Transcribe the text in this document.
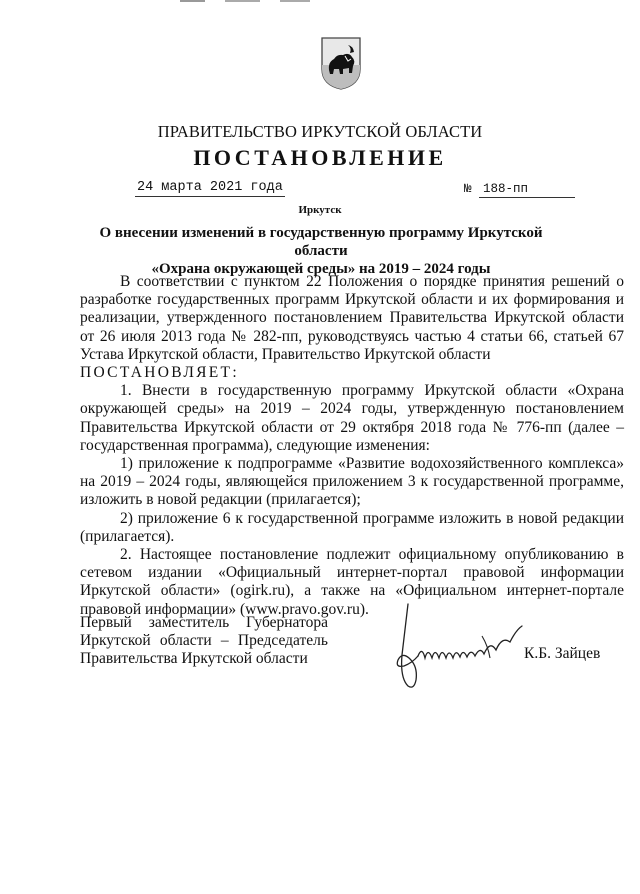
ПРАВИТЕЛЬСТВО ИРКУТСКОЙ ОБЛАСТИ
ПОСТАНОВЛЕНИЕ
24 марта 2021 года	№ 188-пп
Иркутск
О внесении изменений в государственную программу Иркутской области
«Охрана окружающей среды» на 2019 – 2024 годы

В соответствии с пунктом 22 Положения о порядке принятия решений о разработке государственных программ Иркутской области и их формирования и реализации, утвержденного постановлением Правительства Иркутской области от 26 июля 2013 года № 282-пп, руководствуясь частью 4 статьи 66, статьей 67 Устава Иркутской области, Правительство Иркутской области

ПОСТАНОВЛЯЕТ:

1. Внести в государственную программу Иркутской области «Охрана окружающей среды» на 2019 – 2024 годы, утвержденную постановлением Правительства Иркутской области от 29 октября 2018 года № 776-пп (далее – государственная программа), следующие изменения:

1) приложение к подпрограмме «Развитие водохозяйственного комплекса» на 2019 – 2024 годы, являющейся приложением 3 к государственной программе, изложить в новой редакции (прилагается);

2) приложение 6 к государственной программе изложить в новой редакции (прилагается).

2. Настоящее постановление подлежит официальному опубликованию в сетевом издании «Официальный интернет-портал правовой информации Иркутской области» (ogirk.ru), а также на «Официальном интернет-портале правовой информации» (www.pravo.gov.ru).

Первый заместитель Губернатора
Иркутской области – Председатель
Правительства Иркутской области	К.Б. Зайцев
